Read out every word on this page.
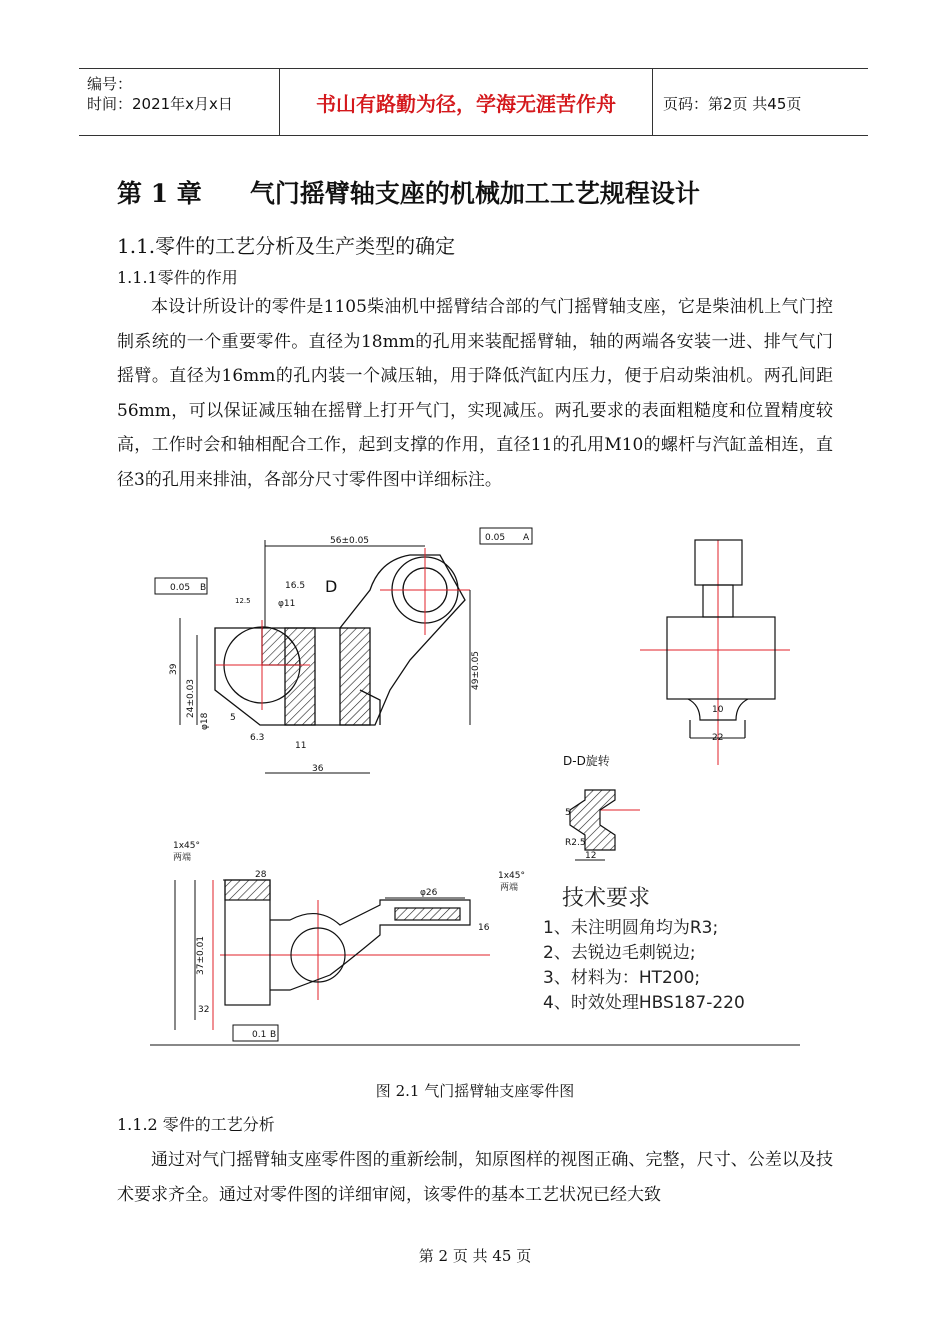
编号：
时间：2021年x月x日	书山有路勤为径，学海无涯苦作舟	页码：第2页 共45页
第 1 章 气门摇臂轴支座的机械加工工艺规程设计
1.1.零件的工艺分析及生产类型的确定
1.1.1零件的作用
本设计所设计的零件是1105柴油机中摇臂结合部的气门摇臂轴支座，它是柴油机上气门控制系统的一个重要零件。直径为18mm的孔用来装配摇臂轴，轴的两端各安装一进、排气气门摇臂。直径为16mm的孔内装一个减压轴，用于降低汽缸内压力，便于启动柴油机。两孔间距56mm，可以保证减压轴在摇臂上打开气门，实现减压。两孔要求的表面粗糙度和位置精度较高，工作时会和轴相配合工作，起到支撑的作用，直径11的孔用M10的螺杆与汽缸盖相连，直径3的孔用来排油，各部分尺寸零件图中详细标注。
0.05 A
0.05 B
56±0.05
16.5
φ11
D
49±0.05
36
39
24±0.03
φ18 5
6.3
11
22
10
12.5
1x45°
两端
1x45°
两端
28
φ26
37±0.01
32
0.1 B
16
D-D旋转
5
12
R2.5
技术要求
1、未注明圆角均为R3;
2、去锐边毛刺锐边;
3、材料为：HT200;
4、时效处理HBS187-220
图 2.1 气门摇臂轴支座零件图
1.1.2 零件的工艺分析
通过对气门摇臂轴支座零件图的重新绘制，知原图样的视图正确、完整，尺寸、公差以及技术要求齐全。通过对零件图的详细审阅，该零件的基本工艺状况已经大致
第 2 页 共 45 页
